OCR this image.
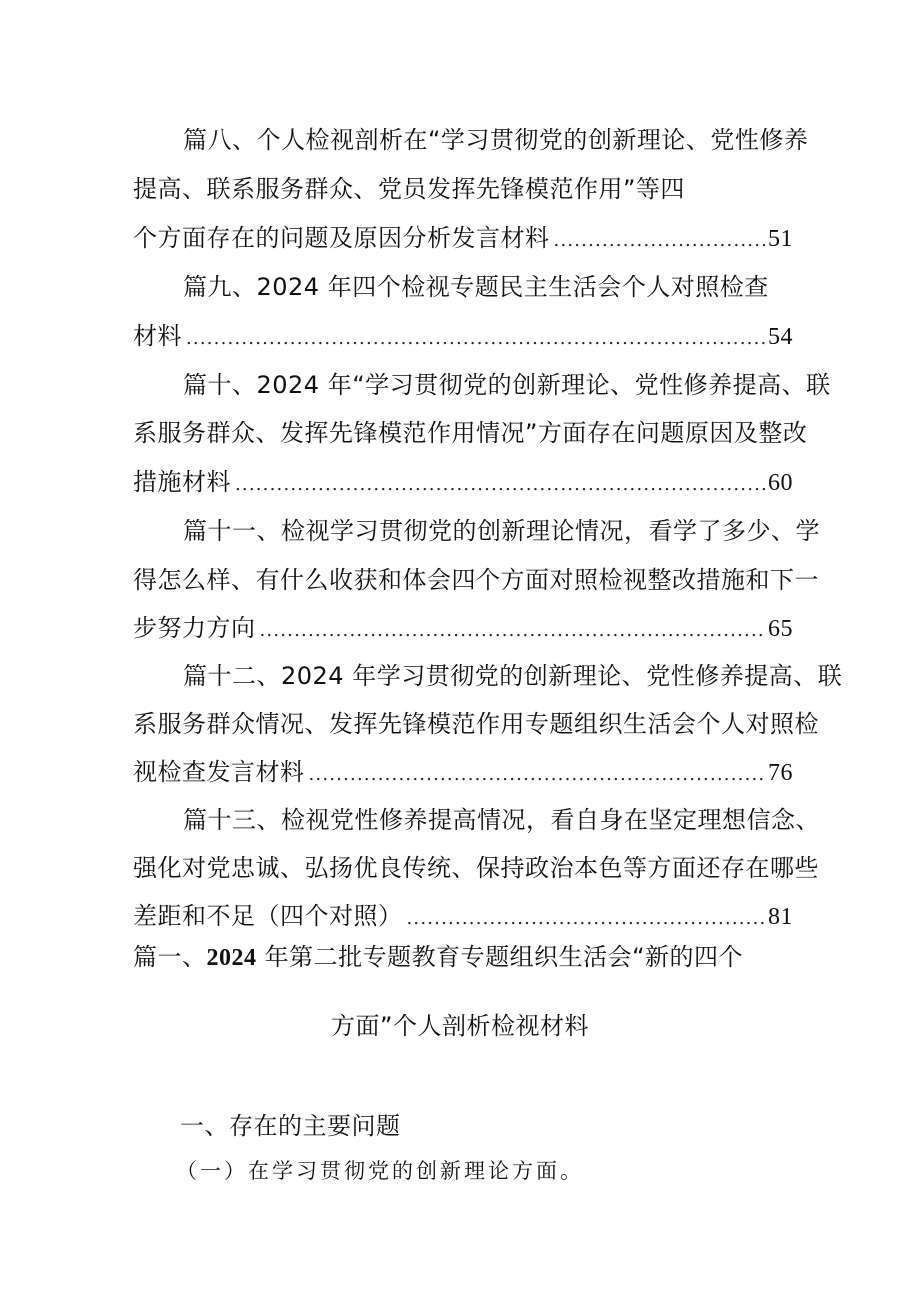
篇八、个人检视剖析在“学习贯彻党的创新理论、党性修养
提高、联系服务群众、党员发挥先锋模范作用”等四
个方面存在的问题及原因分析发言材料 .....	51
篇九、2024 年四个检视专题民主生活会个人对照检查
材料 .....	54
篇十、2024 年“学习贯彻党的创新理论、党性修养提高、联
系服务群众、发挥先锋模范作用情况”方面存在问题原因及整改
措施材料 .....	60
篇十一、检视学习贯彻党的创新理论情况，看学了多少、学
得怎么样、有什么收获和体会四个方面对照检视整改措施和下一
步努力方向 .....	65
篇十二、2024 年学习贯彻党的创新理论、党性修养提高、联
系服务群众情况、发挥先锋模范作用专题组织生活会个人对照检
视检查发言材料 .....	76
篇十三、检视党性修养提高情况，看自身在坚定理想信念、
强化对党忠诚、弘扬优良传统、保持政治本色等方面还存在哪些
差距和不足（四个对照） .....	81
篇一、2024 年第二批专题教育专题组织生活会“新的四个
方面”个人剖析检视材料
一、存在的主要问题
（一）在学习贯彻党的创新理论方面。
